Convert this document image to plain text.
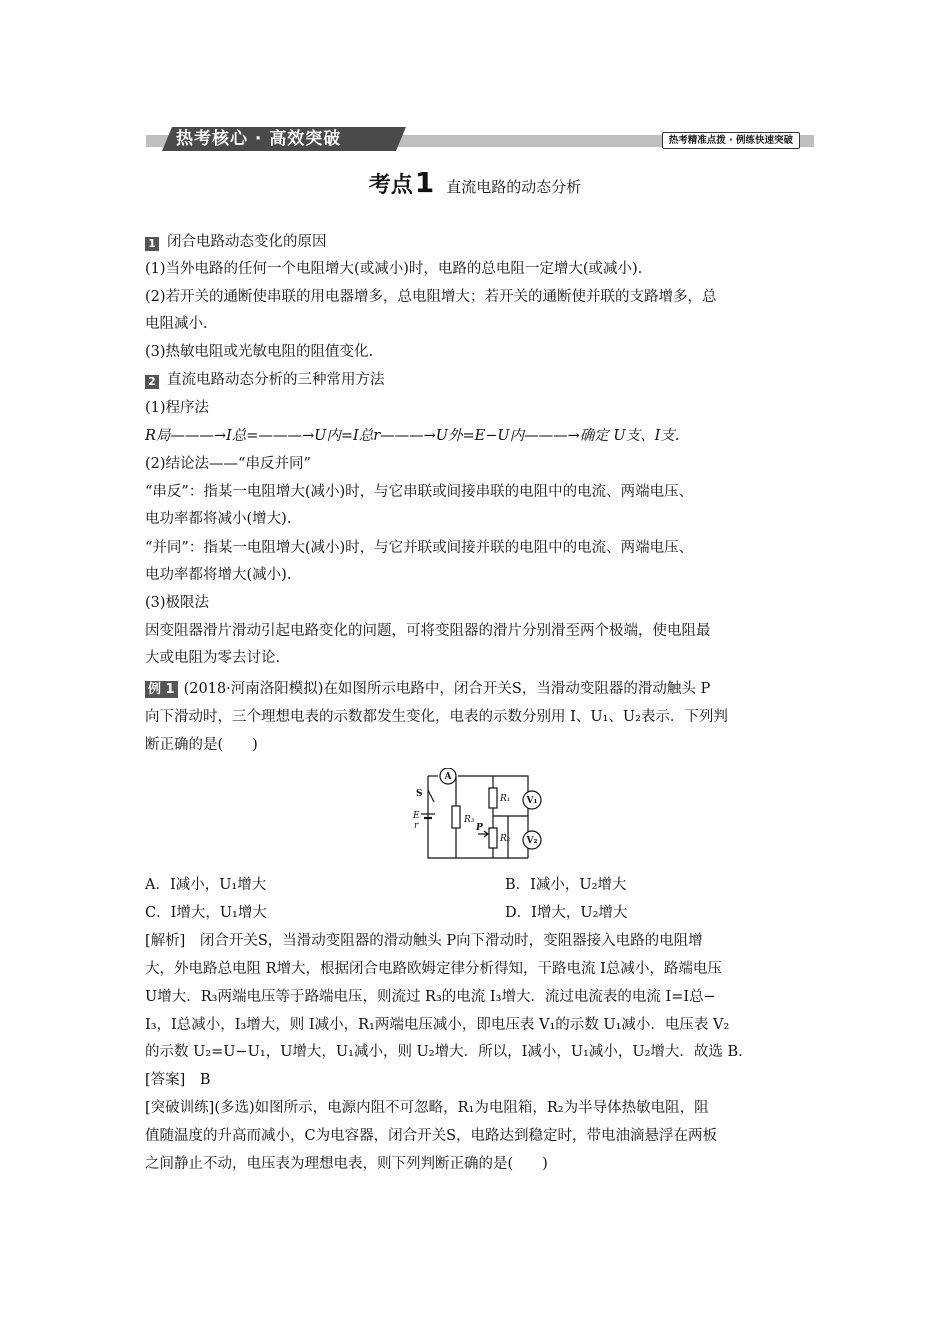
热考核心 · 高效突破	热考精准点拨 · 例练快速突破
考点1 直流电路的动态分析
1 闭合电路动态变化的原因
(1)当外电路的任何一个电阻增大(或减小)时，电路的总电阻一定增大(或减小).
(2)若开关的通断使串联的用电器增多，总电阻增大；若开关的通断使并联的支路增多，总
电阻减小.
(3)热敏电阻或光敏电阻的阻值变化.
2 直流电路动态分析的三种常用方法
(1)程序法
R局———→I总=———→U内=I总r———→U外=E−U内———→确定 U支、I支.
(2)结论法——“串反并同”
“串反”：指某一电阻增大(减小)时，与它串联或间接串联的电阻中的电流、两端电压、
电功率都将减小(增大).
“并同”：指某一电阻增大(减小)时，与它并联或间接并联的电阻中的电流、两端电压、
电功率都将增大(减小).
(3)极限法
因变阻器滑片滑动引起电路变化的问题，可将变阻器的滑片分别滑至两个极端，使电阻最
大或电阻为零去讨论.
例 1 (2018·河南洛阳模拟)在如图所示电路中，闭合开关S，当滑动变阻器的滑动触头 P
向下滑动时，三个理想电表的示数都发生变化，电表的示数分别用 I、U₁、U₂表示．下列判
断正确的是(　　)
A
S
E
r
R₃
R₁
R₂
P
V₁
V₂
A．I减小，U₁增大	B．I减小，U₂增大
C．I增大，U₁增大	D．I增大，U₂增大
[解析]　闭合开关S，当滑动变阻器的滑动触头 P向下滑动时，变阻器接入电路的电阻增
大，外电路总电阻 R增大，根据闭合电路欧姆定律分析得知，干路电流 I总减小，路端电压
U增大．R₃两端电压等于路端电压，则流过 R₃的电流 I₃增大．流过电流表的电流 I=I总−
I₃，I总减小，I₃增大，则 I减小，R₁两端电压减小，即电压表 V₁的示数 U₁减小．电压表 V₂
的示数 U₂=U−U₁，U增大，U₁减小，则 U₂增大．所以，I减小，U₁减小，U₂增大．故选 B.
[答案]　B
[突破训练](多选)如图所示，电源内阻不可忽略，R₁为电阻箱，R₂为半导体热敏电阻，阻
值随温度的升高而减小，C为电容器，闭合开关S，电路达到稳定时，带电油滴悬浮在两板
之间静止不动，电压表为理想电表，则下列判断正确的是(　　)
